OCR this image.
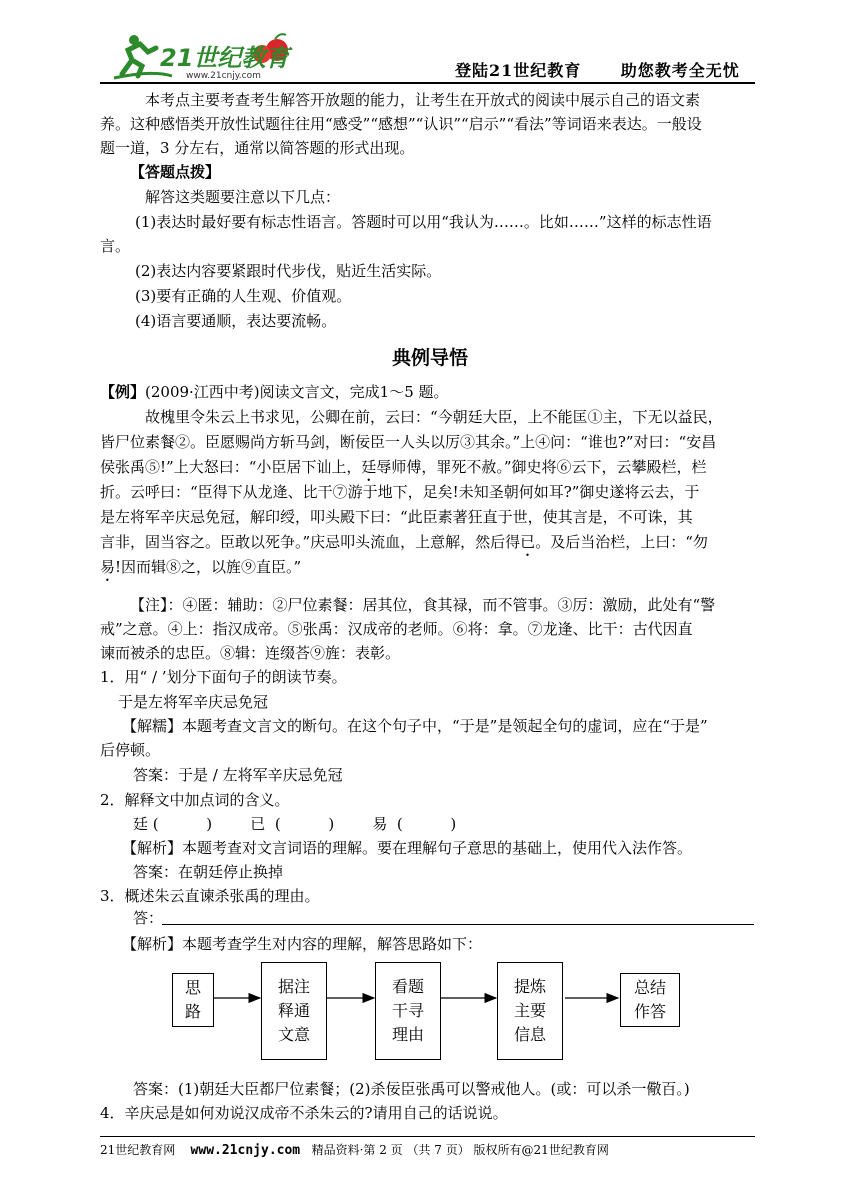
21世纪教育
www.21cnjy.com	登陆21世纪教育 助您教考全无忧
本考点主要考查考生解答开放题的能力，让考生在开放式的阅读中展示自己的语文素
养。这种感悟类开放性试题往往用“感受”“感想”“认识”“启示”“看法”等词语来表达。一般设
题一道，3 分左右，通常以简答题的形式出现。
【答题点拨】
解答这类题要注意以下几点：
(1)表达时最好要有标志性语言。答题时可以用“我认为……。比如……”这样的标志性语
言。
(2)表达内容要紧跟时代步伐，贴近生活实际。
(3)要有正确的人生观、价值观。
(4)语言要通顺，表达要流畅。
典例导悟
【例】(2009·江西中考)阅读文言文，完成1～5 题。
故槐里令朱云上书求见，公卿在前，云曰：“今朝廷大臣，上不能匡①主，下无以益民，
皆尸位素餐②。臣愿赐尚方斩马剑，断佞臣一人头以厉③其余。”上④问：“谁也?”对曰：“安昌
侯张禹⑤!”上大怒曰：“小臣居下讪上，廷辱师傅，罪死不赦。”御史将⑥云下，云攀殿栏，栏
折。云呼曰：“臣得下从龙逄、比干⑦游于地下，足矣!未知圣朝何如耳?”御史遂将云去，于
是左将军辛庆忌免冠，解印绶，叩头殿下曰：“此臣素著狂直于世，使其言是，不可诛，其
言非，固当容之。臣敢以死争。”庆忌叩头流血，上意解，然后得已。及后当治栏，上曰：“勿
易!因而辑⑧之，以旌⑨直臣。”
【注】：④匿：辅助：②尸位素餐：居其位，食其禄，而不管事。③厉：激励，此处有“警
戒”之意。④上：指汉成帝。⑤张禹：汉成帝的老师。⑥将：拿。⑦龙逢、比干：古代因直
谏而被杀的忠臣。⑧辑：连缀荅⑨旌：表彰。
1．用“ / ’划分下面句子的朗读节奏。
于是左将军辛庆忌免冠
【解糯】本题考查文言文的断句。在这个句子中，“于是”是领起全句的虚词，应在“于是”
后停顿。
答案：于是 / 左将军辛庆忌免冠
2．解释文中加点词的含义。
廷 (          )        已  (          )        易  (          )
【解析】本题考查对文言词语的理解。要在理解句子意思的基础上，使用代入法作答。
答案：在朝廷停止换掉
3．概述朱云直谏杀张禹的理由。
答：
【解析】本题考查学生对内容的理解，解答思路如下：
思路
据注释通文意
看题干寻理由
提炼主要信息
总结作答
答案：(1)朝廷大臣都尸位素餐；(2)杀佞臣张禹可以警戒他人。(或：可以杀一儆百。)
4．辛庆忌是如何劝说汉成帝不杀朱云的?请用自己的话说说。
21世纪教育网 www.21cnjy.com 精品资料·第 2 页 （共 7 页） 版权所有@21世纪教育网
